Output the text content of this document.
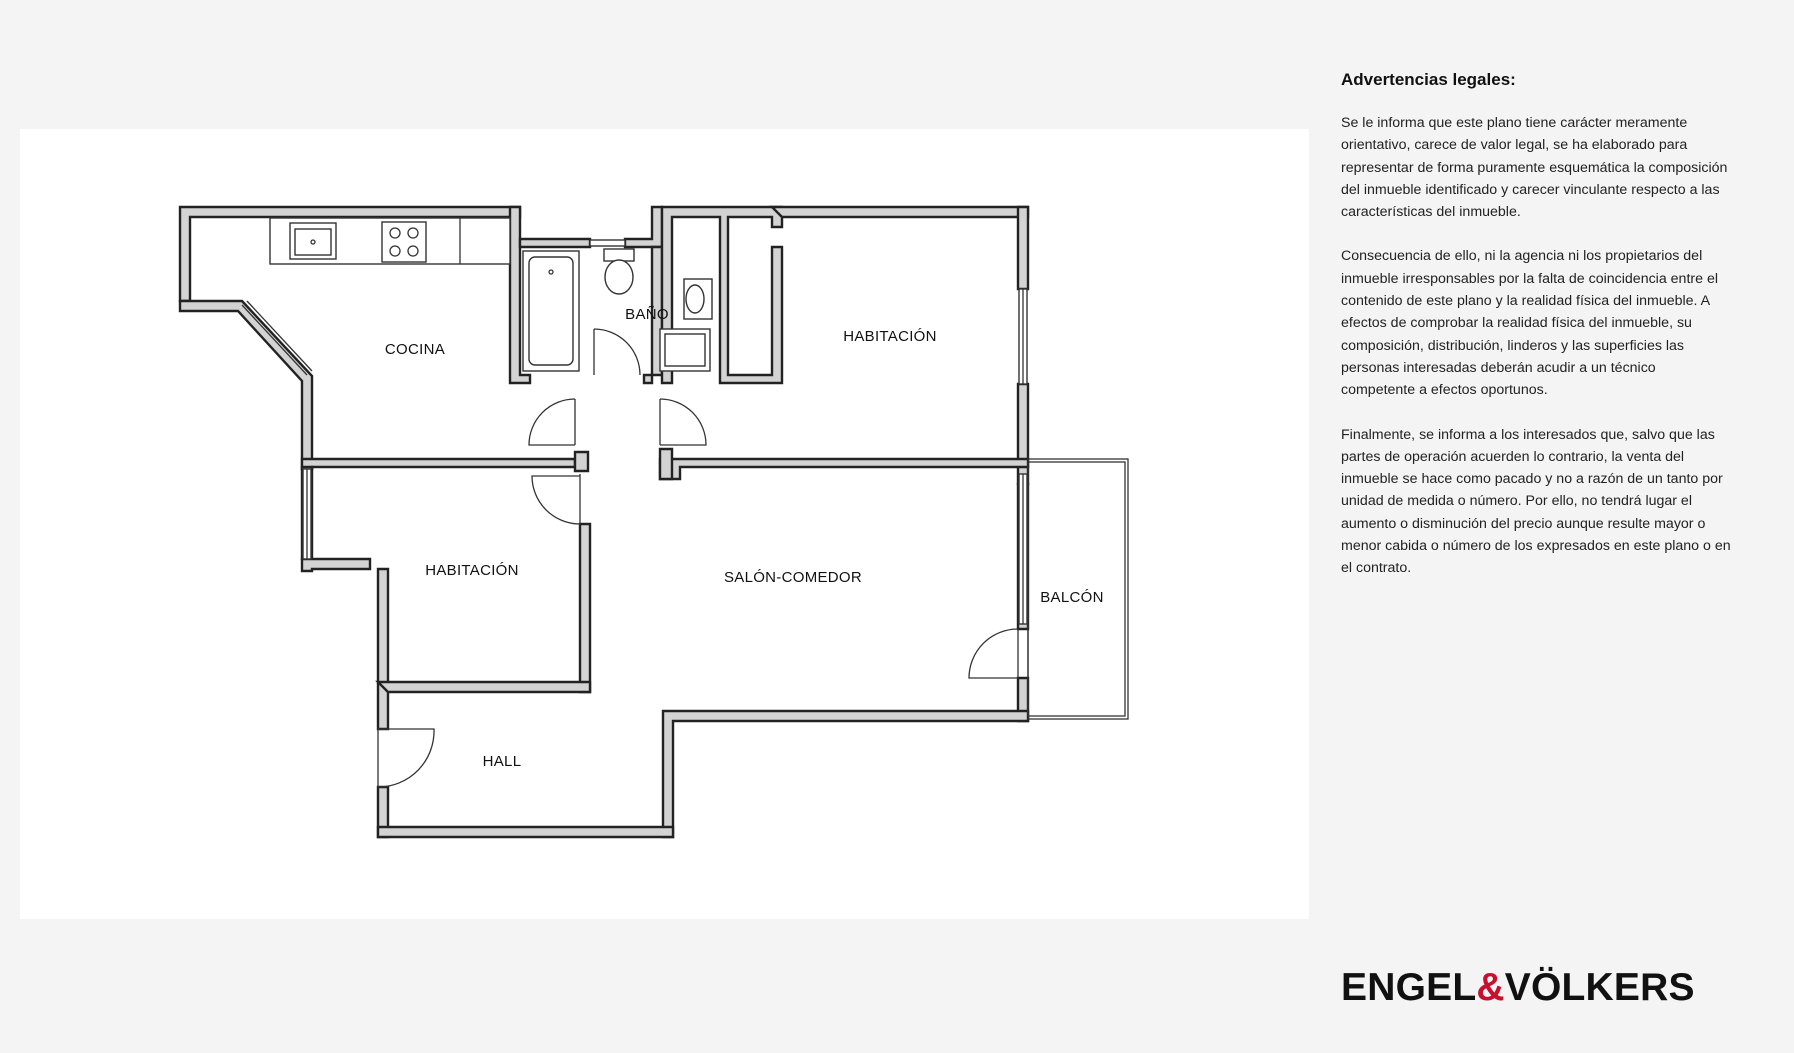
COCINA
BAÑO
HABITACIÓN
HABITACIÓN	SALÓN-COMEDOR
BALCÓN
HALL
Advertencias legales:

Se le informa que este plano tiene carácter meramente orientativo, carece de valor legal, se ha elaborado para representar de forma puramente esquemática la composición del inmueble identificado y carecer vinculante respecto a las características del inmueble.

Consecuencia de ello, ni la agencia ni los propietarios del inmueble irresponsables por la falta de coincidencia entre el contenido de este plano y la realidad física del inmueble. A efectos de comprobar la realidad física del inmueble, su composición, distribución, linderos y las superficies las personas interesadas deberán acudir a un técnico competente a efectos oportunos.

Finalmente, se informa a los interesados que, salvo que las partes de operación acuerden lo contrario, la venta del inmueble se hace como pacado y no a razón de un tanto por unidad de medida o número. Por ello, no tendrá lugar el aumento o disminución del precio aunque resulte mayor o menor cabida o número de los expresados en este plano o en el contrato.

ENGEL&VÖLKERS
